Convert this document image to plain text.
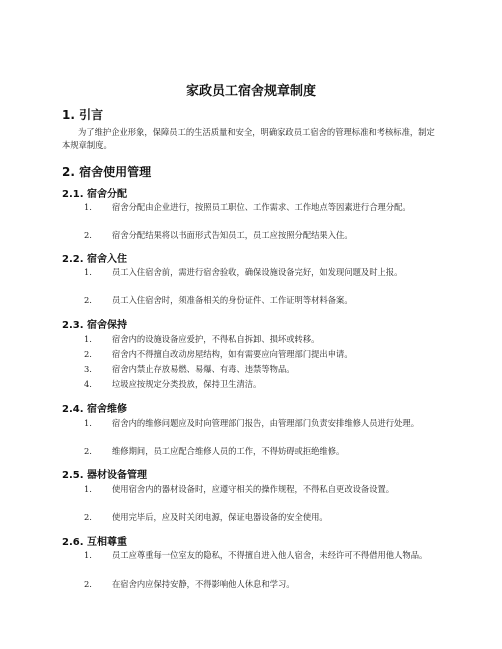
家政员工宿舍规章制度
1. 引言
为了维护企业形象，保障员工的生活质量和安全，明确家政员工宿舍的管理标准和考核标准，制定本规章制度。
2. 宿舍使用管理
2.1. 宿舍分配
1. 宿舍分配由企业进行，按照员工职位、工作需求、工作地点等因素进行合理分配。
2. 宿舍分配结果将以书面形式告知员工，员工应按照分配结果入住。
2.2. 宿舍入住
1. 员工入住宿舍前，需进行宿舍验收，确保设施设备完好，如发现问题及时上报。
2. 员工入住宿舍时，须准备相关的身份证件、工作证明等材料备案。
2.3. 宿舍保持
1. 宿舍内的设施设备应爱护，不得私自拆卸、损坏或转移。
2. 宿舍内不得擅自改动房屋结构，如有需要应向管理部门提出申请。
3. 宿舍内禁止存放易燃、易爆、有毒、违禁等物品。
4. 垃圾应按规定分类投放，保持卫生清洁。
2.4. 宿舍维修
1. 宿舍内的维修问题应及时向管理部门报告，由管理部门负责安排维修人员进行处理。
2. 维修期间，员工应配合维修人员的工作，不得妨碍或拒绝维修。
2.5. 器材设备管理
1. 使用宿舍内的器材设备时，应遵守相关的操作规程，不得私自更改设备设置。
2. 使用完毕后，应及时关闭电源，保证电器设备的安全使用。
2.6. 互相尊重
1. 员工应尊重每一位室友的隐私，不得擅自进入他人宿舍，未经许可不得借用他人物品。
2. 在宿舍内应保持安静，不得影响他人休息和学习。
